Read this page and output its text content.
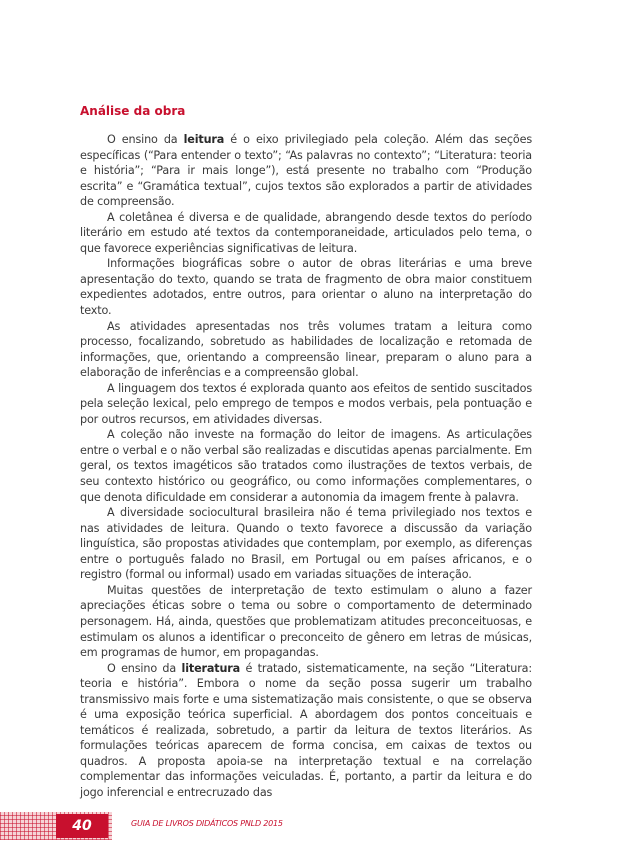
Análise da obra

O ensino da leitura é o eixo privilegiado pela coleção. Além das seções específicas (“Para entender o texto”; “As palavras no contexto”; “Literatura: teoria e história”; “Para ir mais longe”), está presente no trabalho com “Produção escrita” e “Gramática textual”, cujos textos são explorados a partir de atividades de compreensão.

A coletânea é diversa e de qualidade, abrangendo desde textos do período literário em estudo até textos da contemporaneidade, articulados pelo tema, o que favorece experiências significativas de leitura.

Informações biográficas sobre o autor de obras literárias e uma breve apresentação do texto, quando se trata de fragmento de obra maior constituem expedientes adotados, entre outros, para orientar o aluno na interpretação do texto.

As atividades apresentadas nos três volumes tratam a leitura como processo, focalizando, sobretudo as habilidades de localização e retomada de informações, que, orientando a compreensão linear, preparam o aluno para a elaboração de inferências e a compreensão global.

A linguagem dos textos é explorada quanto aos efeitos de sentido suscitados pela seleção lexical, pelo emprego de tempos e modos verbais, pela pontuação e por outros recursos, em atividades diversas.

A coleção não investe na formação do leitor de imagens. As articulações entre o verbal e o não verbal são realizadas e discutidas apenas parcialmente. Em geral, os textos imagéticos são tratados como ilustrações de textos verbais, de seu contexto histórico ou geográfico, ou como informações complementares, o que denota dificuldade em considerar a autonomia da imagem frente à palavra.

A diversidade sociocultural brasileira não é tema privilegiado nos textos e nas atividades de leitura. Quando o texto favorece a discussão da variação linguística, são propostas atividades que contemplam, por exemplo, as diferenças entre o português falado no Brasil, em Portugal ou em países africanos, e o registro (formal ou informal) usado em variadas situações de interação.

Muitas questões de interpretação de texto estimulam o aluno a fazer apreciações éticas sobre o tema ou sobre o comportamento de determinado personagem. Há, ainda, questões que problematizam atitudes preconceituosas, e estimulam os alunos a identificar o preconceito de gênero em letras de músicas, em programas de humor, em propagandas.

O ensino da literatura é tratado, sistematicamente, na seção “Literatura: teoria e história”. Embora o nome da seção possa sugerir um trabalho transmissivo mais forte e uma sistematização mais consistente, o que se observa é uma exposição teórica superficial. A abordagem dos pontos conceituais e temáticos é realizada, sobretudo, a partir da leitura de textos literários. As formulações teóricas aparecem de forma concisa, em caixas de textos ou quadros. A proposta apoia-se na interpretação textual e na correlação complementar das informações veiculadas. É, portanto, a partir da leitura e do jogo inferencial e entrecruzado das

40	GUIA DE LIVROS DIDÁTICOS PNLD 2015
